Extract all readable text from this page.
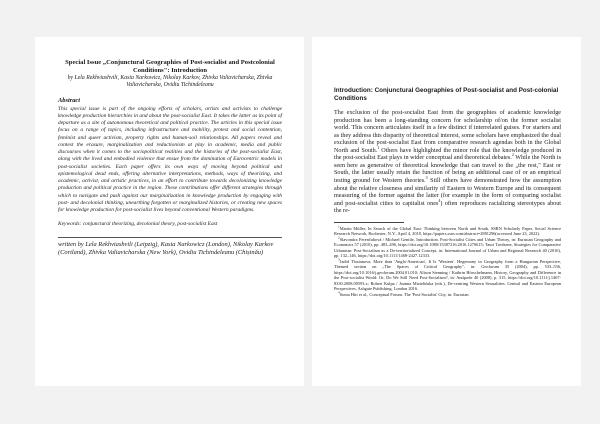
Special Issue „Conjunctural Geographies of Post-socialist and Postcolonial Conditions": Introduction

by Lela Rekhviashvili, Kasia Narkowicz, Nikolay Karkov, Zhivka Valiavicharska, Zhivka Valiavicharska, Ovidiu Tichindeleanu

Abstract

This special issue is part of the ongoing efforts of scholars, artists and activists to challenge knowledge production hierarchies in and about the post-socialist East. It takes the latter as its point of departure as a site of autonomous theoretical and political practice. The articles in this special issue focus on a range of topics, including infrastructure and mobility, protest and social contention, feminist and queer activism, property rights and human-soil relationships. All papers reveal and contest the erasure, marginalization and reductionism at play in academic, media and public discourses when it comes to the sociopolitical realities and the histories of the post-socialist East, along with the lived and embodied violence that ensue from the domination of Eurocentric models in post-socialist societies. Each paper offers its own ways of moving beyond political and epistemological dead ends, offering alternative interpretations, methods, ways of theorizing, and academic, activist, and artistic practices, in an effort to contribute towards decolonizing knowledge production and political practice in the region. These contributions offer different strategies through which to navigate and push against our marginalization in knowledge production by engaging with post- and decolonial thinking, unearthing forgotten or marginalized histories, or creating new spaces for knowledge production for post-socialist lives beyond conventional Western paradigms.

Keywords: conjunctural theorizing, decolonial theory, post-socialist East

written by Lela Rekhviashvili (Leipzig), Kasia Narkowicz (London), Nikolay Karkov (Cortland), Zhivka Valiavicharska (New York), Ovidiu Tichindeleanu (Chișinău)

Introduction: Conjunctural Geographies of Post-socialist and Post-colonial Conditions

The exclusion of the post-socialist East from the geographies of academic knowledge production has been a long-standing concern for scholarship of/on the former socialist world. This concern articulates itself in a few distinct if interrelated guises. For starters and as they address this disparity of theoretical interest, some scholars have emphasized the dual exclusion of the post-socialist East from comparative research agendas both in the Global North and South.$^1$ Others have highlighted the minor role that the knowledge produced in the post-socialist East plays in wider conceptual and theoretical debates.$^2$ While the North is seen here as generative of theoretical knowledge that can travel to the „the rest," East or South, the latter usually retain the function of being an additional case of or an empirical testing ground for Western theories.$^3$ Still others have demonstrated how the assumption about the relative closeness and similarity of Eastern to Western Europe and its consequent measuring of the former against the latter (for example in the form of comparing socialist and post-socialist cities to capitalist ones$^4$) often reproduces racializing stereotypes about the re-

$^1$Martin Müller, In Search of the Global East: Thinking between North and South, SSRN Scholarly Paper, Social Science Research Network, Rochester, N.Y., April 4, 2018, https://papers.ssrn.com/abstract=2881296(accessed June 23, 2022).

$^2$Slavomíra Ferenčuhová / Michael Gentile, Introduction. Post-Socialist Cities and Urban Theory, in: Eurasian Geography and Economics 57 (2016), pp. 483–496, https://doi.org/10.1080/15387216.2016.1270615; Tauri Tuvikene, Strategies for Comparative Urbanism: Post-Socialism as a De-territorialized Concept, in: International Journal of Urban and Regional Research 40 (2016), pp. 132–146, https://doi.org/10.1111/1468-2427.12333.

$^3$Jadid Tlostanova, More than 'Anglo-American', It Is 'Western'. Hegemony in Geography from a Hungarian Perspective, Themed section on „The Spaces of Critical Geography", in: Geoforum 35 (2004), pp. 533–536, https://doi.org/10.1016/j.geoforum.2004.01.010; Alison Stenning / Kathrin Hörschelmann, History, Geography and Difference in the Post-socialist World: Or, Do We Still Need Post-Socialism?, in: Antipode 40 (2008), p. 315, https://doi.org/10.1111/j.1467-8330.2008.00593.x; Robert Kulpa / Joanna Mizielińska (eds.), De-centring Western Sexualities. Central and Eastern European Perspectives, Ashgate Publishing, London 2016.

$^4$Sonia Hirt et al., Conceptual Forum. The 'Post-Socialist' City, in: Eurasian
